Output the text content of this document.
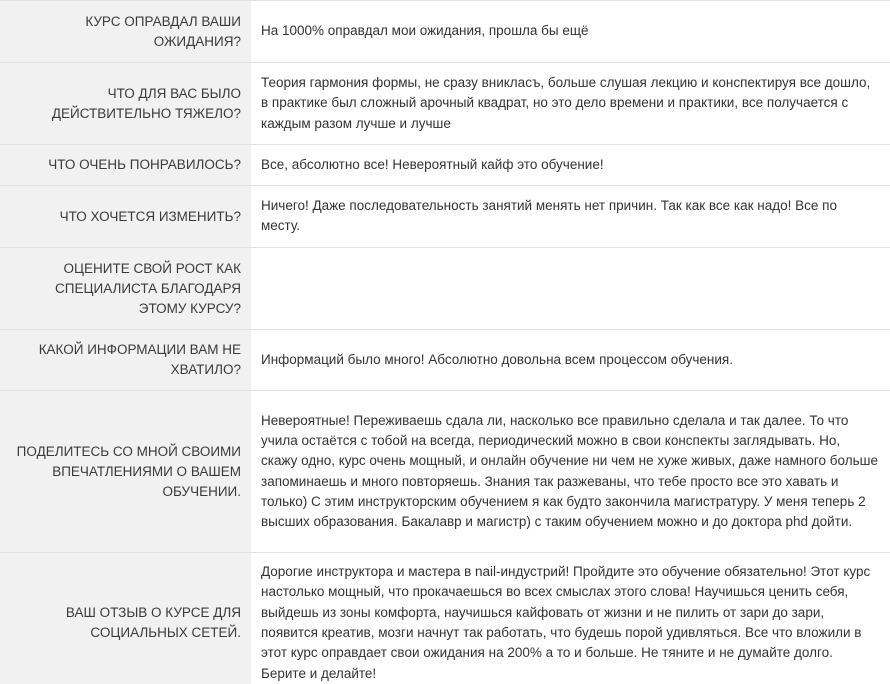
КУРС ОПРАВДАЛ ВАШИ ОЖИДАНИЯ?
На 1000% оправдал мои ожидания, прошла бы ещё
ЧТО ДЛЯ ВАС БЫЛО ДЕЙСТВИТЕЛЬНО ТЯЖЕЛО?
Теория гармония формы, не сразу вникласъ, больше слушая лекцию и конспектируя все дошло, в практике был сложный арочный квадрат, но это дело времени и практики, все получается с каждым разом лучше и лучше
ЧТО ОЧЕНЬ ПОНРАВИЛОСЬ?	Все, абсолютно все! Невероятный кайф это обучение!
ЧТО ХОЧЕТСЯ ИЗМЕНИТЬ?
Ничего! Даже последовательность занятий менять нет причин. Так как все как надо! Все по месту.
ОЦЕНИТЕ СВОЙ РОСТ КАК СПЕЦИАЛИСТА БЛАГОДАРЯ ЭТОМУ КУРСУ?
КАКОЙ ИНФОРМАЦИИ ВАМ НЕ ХВАТИЛО?
Информаций было много! Абсолютно довольна всем процессом обучения.
ПОДЕЛИТЕСЬ СО МНОЙ СВОИМИ ВПЕЧАТЛЕНИЯМИ О ВАШЕМ ОБУЧЕНИИ.
Невероятные! Переживаешь сдала ли, насколько все правильно сделала и так далее. То что учила остаётся с тобой на всегда, периодический можно в свои конспекты заглядывать. Но, скажу одно, курс очень мощный, и онлайн обучение ни чем не хуже живых, даже намного больше запоминаешь и много повторяешь. Знания так разжеваны, что тебе просто все это хавать и только) С этим инструкторским обучением я как будто закончила магистратуру. У меня теперь 2 высших образования. Бакалавр и магистр) с таким обучением можно и до доктора phd дойти.
ВАШ ОТЗЫВ О КУРСЕ ДЛЯ СОЦИАЛЬНЫХ СЕТЕЙ.
Дорогие инструктора и мастера в nail-индустрий! Пройдите это обучение обязательно! Этот курс настолько мощный, что прокачаешься во всех смыслах этого слова! Научишься ценить себя, выйдешь из зоны комфорта, научишься кайфовать от жизни и не пилить от зари до зари, появится креатив, мозги начнут так работать, что будешь порой удивляться. Все что вложили в этот курс оправдает свои ожидания на 200% а то и больше. Не тяните и не думайте долго. Берите и делайте!
